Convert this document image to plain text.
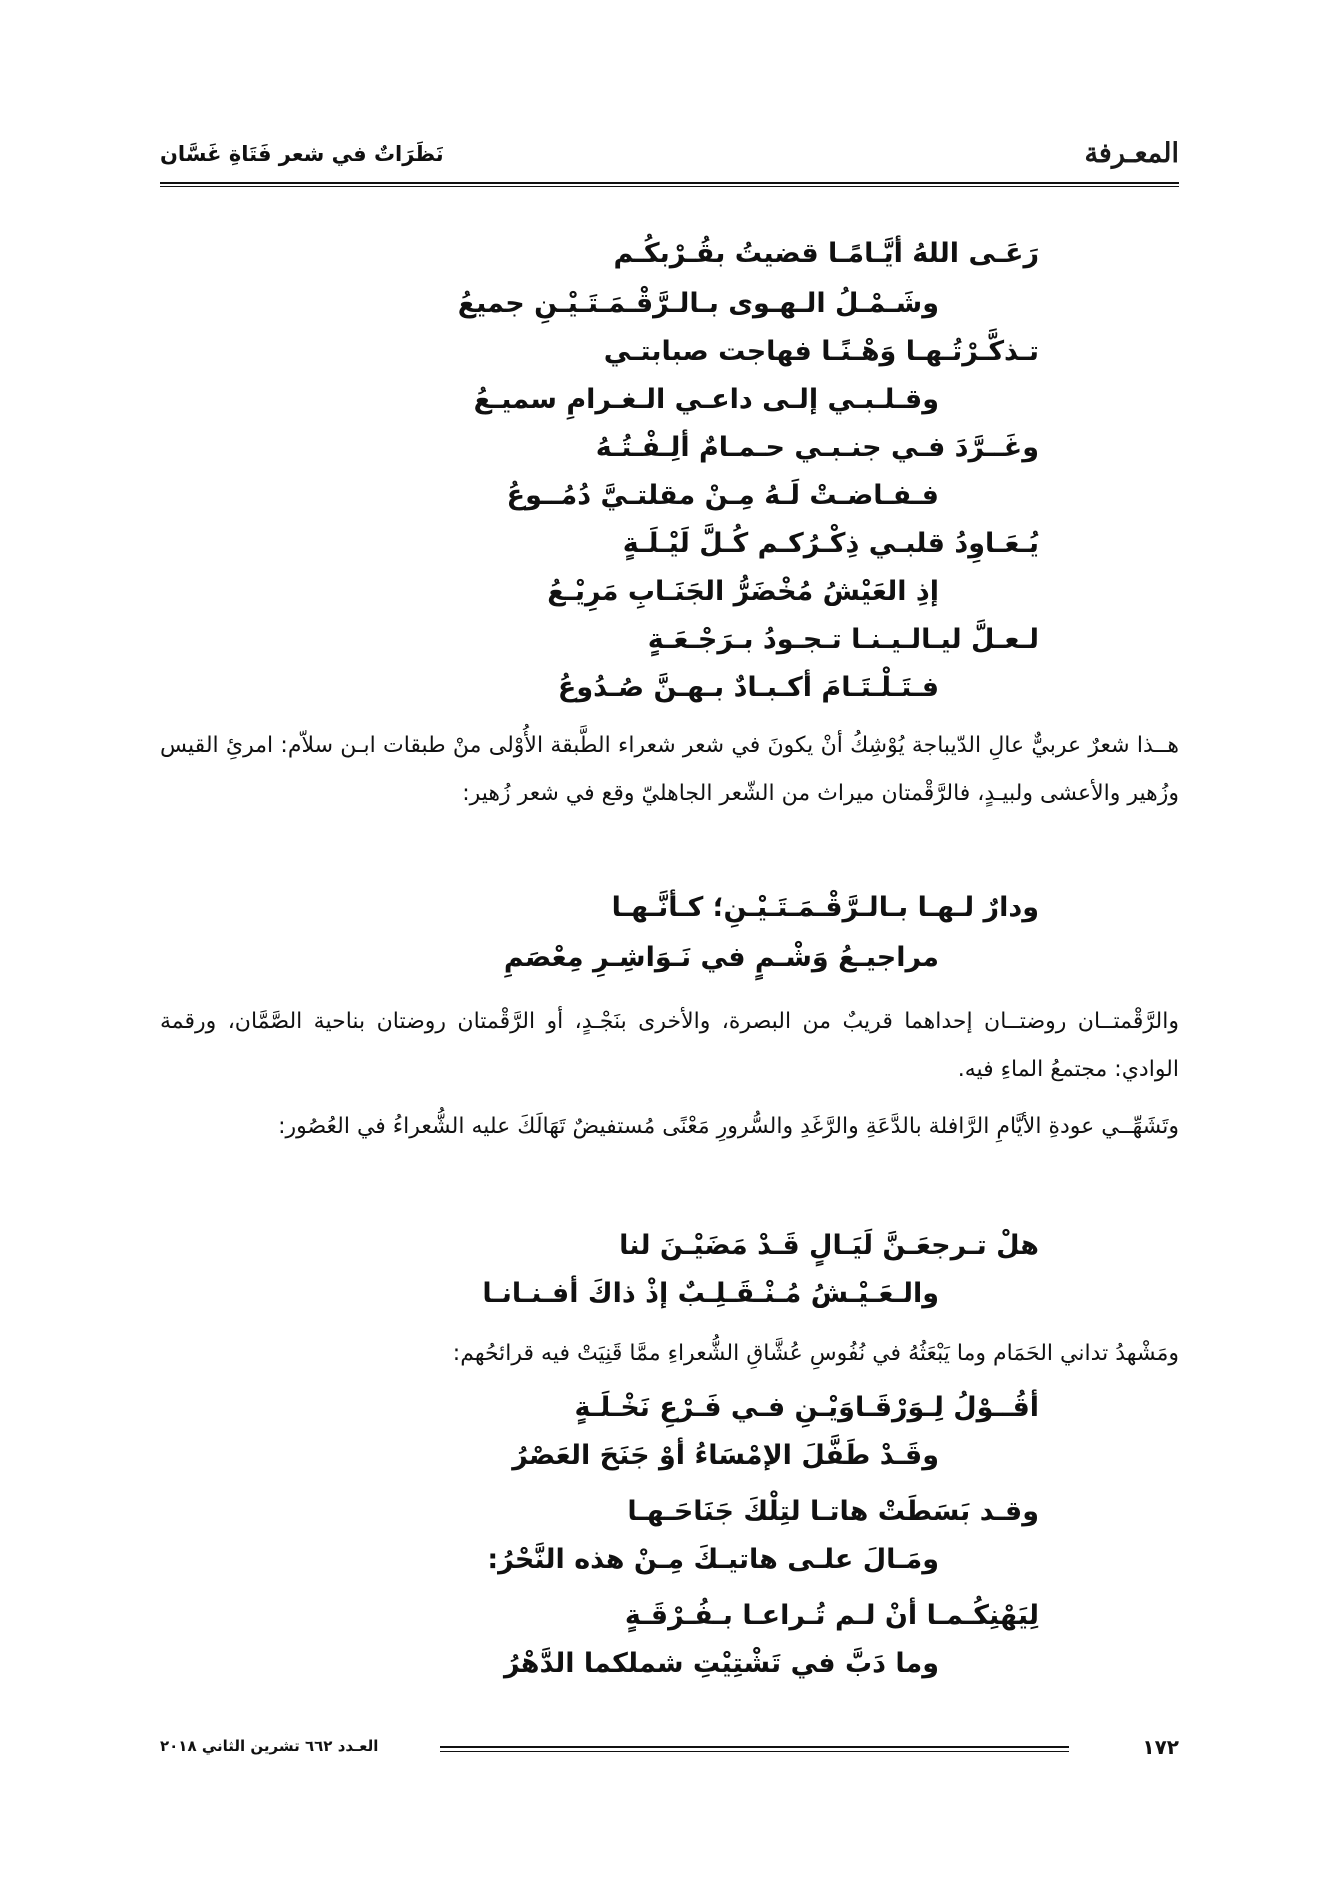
المعـرفة
نَظَرَاتٌ في شعر فَتَاةِ غَسَّان
رَعَـى اللهُ أيَّـامًـا قضيتُ بقُـرْبكُـم
وشَـمْـلُ الـهـوى بـالـرَّقْـمَـتَـيْـنِ جميعُ
تـذكَّـرْتُـهـا وَهْـنًـا فهاجت صبابتـي
وقـلـبـي إلـى داعـي الـغـرامِ سميـعُ
وغَــرَّدَ فـي جنـبـي حـمـامٌ ألِـفْـتُـهُ
فـفـاضـتْ لَـهُ مِـنْ مقلتـيَّ دُمُــوعُ
يُـعَـاوِدُ قلبـي ذِكْـرُكـم كُـلَّ لَيْـلَـةٍ
إذِ العَيْشُ مُخْضَرُّ الجَنَـابِ مَرِيْـعُ
لـعـلَّ ليـالـيـنـا تـجـودُ بـرَجْـعَـةٍ
فـتَـلْـتَـامَ أكـبـادٌ بـهـنَّ صُـدُوعُ
هــذا شعرٌ عربيٌّ عالِ الدّيباجة يُوْشِكُ أنْ يكونَ في شعر شعراء الطَّبقة الأُوْلى منْ طبقات ابـن سلاّم: امرئِ القيس وزُهير والأعشى ولبيـدٍ، فالرَّقْمتان ميراث من الشّعر الجاهليّ وقع في شعر زُهير:
ودارٌ لـهـا بـالـرَّقْـمَـتَـيْـنِ؛ كـأنَّـهـا
مراجيـعُ وَشْـمٍ في نَـوَاشِـرِ مِعْصَمِ
والرَّقْمتــان روضتــان إحداهما قريبٌ من البصرة، والأخرى بنَجْـدٍ، أو الرَّقْمتان روضتان بناحية الصَّمَّان، ورقمة الوادي: مجتمعُ الماءِ فيه.
وتَشَهِّــي عودةِ الأيَّامِ الرَّافلة بالدَّعَةِ والرَّغَدِ والسُّرورِ مَعْنًى مُستفيضٌ تَهَالَكَ عليه الشُّعراءُ في العُصُور:
هلْ تـرجعَـنَّ لَيَـالٍ قَـدْ مَضَيْـنَ لنا
والـعَـيْـشُ مُـنْـقَـلِـبٌ إذْ ذاكَ أفـنـانـا
ومَشْهدُ تداني الحَمَام وما يَبْعَثُهُ في نُفُوسِ عُشَّاقِ الشُّعراءِ ممَّا قَنِيَتْ فيه قرائحُهم:
أقُــوْلُ لِـوَرْقَـاوَيْـنِ فـي فَـرْعِ نَخْـلَـةٍ
وقَـدْ طَفَّلَ الإمْسَاءُ أوْ جَنَحَ العَصْرُ
وقـد بَسَطَتْ هاتـا لتِلْكَ جَنَاحَـهـا
ومَـالَ علـى هاتيـكَ مِـنْ هذه النَّحْرُ:
لِيَهْنِكُـمـا أنْ لـم تُـراعـا بـفُـرْقَـةٍ
وما دَبَّ في تَشْتِيْتِ شملكما الدَّهْرُ
١٧٢
العـدد ٦٦٢ تشرين الثاني ٢٠١٨
